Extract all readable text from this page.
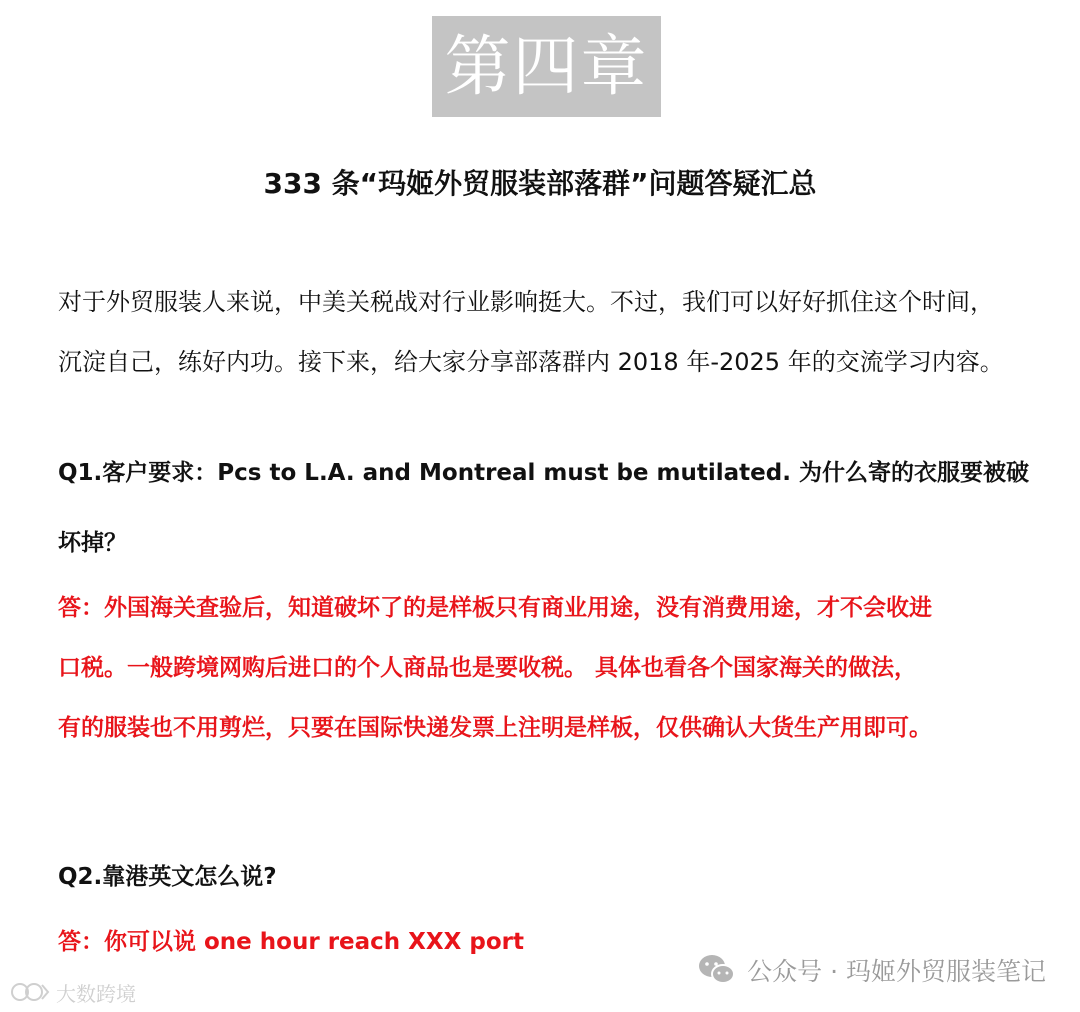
第四章
333 条“玛姬外贸服装部落群”问题答疑汇总

对于外贸服装人来说，中美关税战对行业影响挺大。不过，我们可以好好抓住这个时间，

沉淀自己，练好内功。接下来，给大家分享部落群内 2018 年-2025 年的交流学习内容。

Q1.客户要求：Pcs to L.A. and Montreal must be mutilated. 为什么寄的衣服要被破
坏掉？

答：外国海关查验后，知道破坏了的是样板只有商业用途，没有消费用途，才不会收进
口税。一般跨境网购后进口的个人商品也是要收税。 具体也看各个国家海关的做法，
有的服装也不用剪烂，只要在国际快递发票上注明是样板，仅供确认大货生产用即可。

Q2.靠港英文怎么说?

答：你可以说 one hour reach XXX port

公众号 · 玛姬外贸服装笔记
大数跨境
